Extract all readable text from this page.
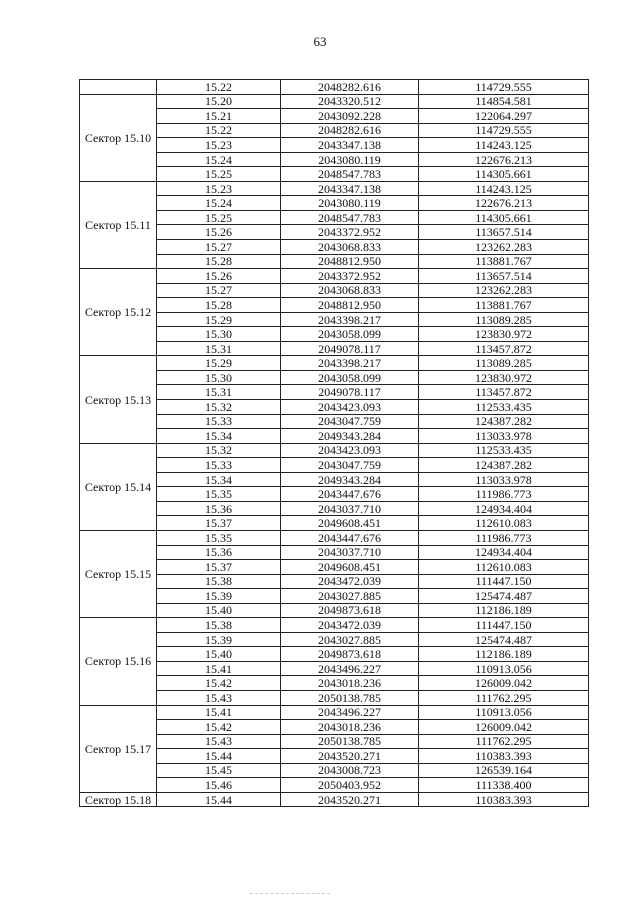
63
	15.22	2048282.616	114729.555
Сектор 15.10	15.20	2043320.512	114854.581
	15.21	2043092.228	122064.297
	15.22	2048282.616	114729.555
	15.23	2043347.138	114243.125
	15.24	2043080.119	122676.213
	15.25	2048547.783	114305.661
Сектор 15.11	15.23	2043347.138	114243.125
	15.24	2043080.119	122676.213
	15.25	2048547.783	114305.661
	15.26	2043372.952	113657.514
	15.27	2043068.833	123262.283
	15.28	2048812.950	113881.767
Сектор 15.12	15.26	2043372.952	113657.514
	15.27	2043068.833	123262.283
	15.28	2048812.950	113881.767
	15.29	2043398.217	113089.285
	15.30	2043058.099	123830.972
	15.31	2049078.117	113457.872
Сектор 15.13	15.29	2043398.217	113089.285
	15.30	2043058.099	123830.972
	15.31	2049078.117	113457.872
	15.32	2043423.093	112533.435
	15.33	2043047.759	124387.282
	15.34	2049343.284	113033.978
Сектор 15.14	15.32	2043423.093	112533.435
	15.33	2043047.759	124387.282
	15.34	2049343.284	113033.978
	15.35	2043447.676	111986.773
	15.36	2043037.710	124934.404
	15.37	2049608.451	112610.083
Сектор 15.15	15.35	2043447.676	111986.773
	15.36	2043037.710	124934.404
	15.37	2049608.451	112610.083
	15.38	2043472.039	111447.150
	15.39	2043027.885	125474.487
	15.40	2049873.618	112186.189
Сектор 15.16	15.38	2043472.039	111447.150
	15.39	2043027.885	125474.487
	15.40	2049873.618	112186.189
	15.41	2043496.227	110913.056
	15.42	2043018.236	126009.042
	15.43	2050138.785	111762.295
Сектор 15.17	15.41	2043496.227	110913.056
	15.42	2043018.236	126009.042
	15.43	2050138.785	111762.295
	15.44	2043520.271	110383.393
	15.45	2043008.723	126539.164
	15.46	2050403.952	111338.400
Сектор 15.18	15.44	2043520.271	110383.393
